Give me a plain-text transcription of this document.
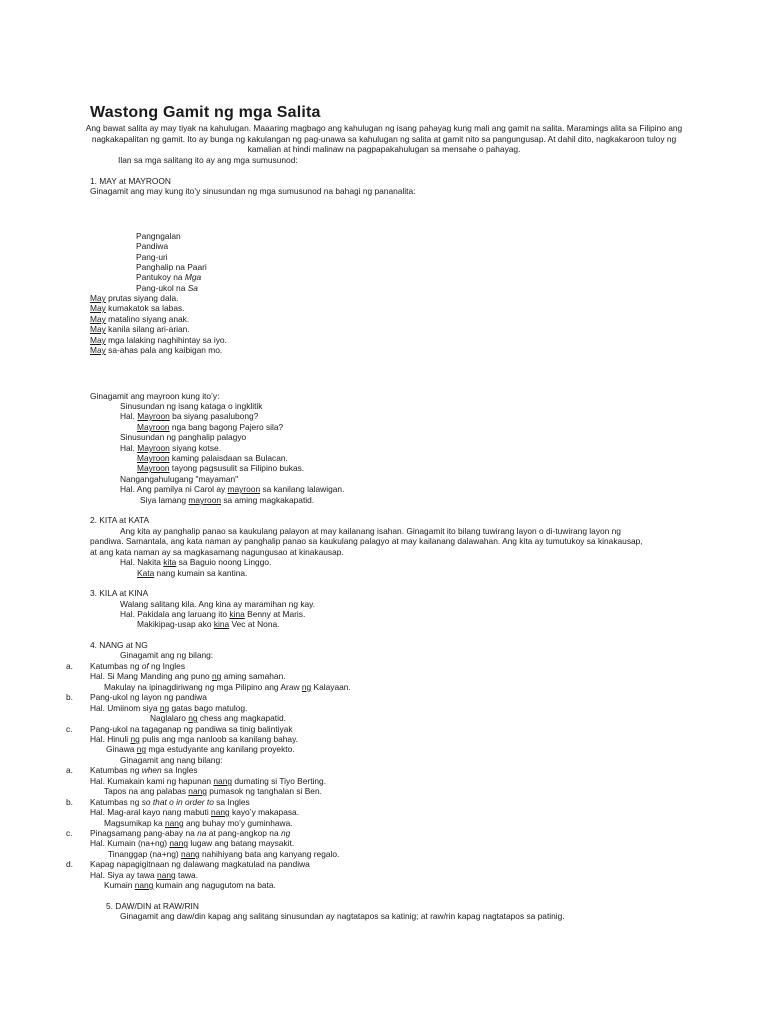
Wastong Gamit ng mga Salita
Ang bawat salita ay may tiyak na kahulugan. Maaaring magbago ang kahulugan ng isang pahayag kung mali ang gamit na salita. Maramings alita sa Filipino ang nagkakapalitan ng gamit. Ito ay bunga ng kakulangan ng pag-unawa sa kahulugan ng salita at gamit nito sa pangungusap. At dahil dito, nagkakaroon tuloy ng kamalian at hindi malinaw na pagpapakahulugan sa mensahe o pahayag.
Ilan sa mga salitang ito ay ang mga sumusunod:
1. MAY at MAYROON
Ginagamit ang may kung ito’y sinusundan ng mga sumusunod na bahagi ng pananalita:
Pangngalan
Pandiwa
Pang-uri
Panghalip na Paari
Pantukoy na Mga
Pang-ukol na Sa
May prutas siyang dala.
May kumakatok sa labas.
May matalino siyang anak.
May kanila silang ari-arian.
May mga lalaking naghihintay sa iyo.
May sa-ahas pala ang kaibigan mo.
Ginagamit ang mayroon kung ito’y:
Sinusundan ng isang kataga o ingklitik
Hal. Mayroon ba siyang pasalubong?
Mayroon nga bang bagong Pajero sila?
Sinusundan ng panghalip palagyo
Hal. Mayroon siyang kotse.
Mayroon kaming palaisdaan sa Bulacan.
Mayroon tayong pagsusulit sa Filipino bukas.
Nangangahulugang "mayaman"
Hal. Ang pamilya ni Carol ay mayroon sa kanilang lalawigan.
Siya lamang mayroon sa aming magkakapatid.
2. KITA at KATA
Ang kita ay panghalip panao sa kaukulang palayon at may kailanang isahan. Ginagamit ito bilang tuwirang layon o di-tuwirang layon ng
pandiwa. Samantala, ang kata naman ay panghalip panao sa kaukulang palagyo at may kailanang dalawahan. Ang kita ay tumutukoy sa kinakausap,
at ang kata naman ay sa magkasamang nagungusao at kinakausap.
Hal. Nakita kita sa Baguio noong Linggo.
Kata nang kumain sa kantina.
3. KILA at KINA
Walang salitang kila. Ang kina ay maramihan ng kay.
Hal. Pakidala ang laruang ito kina Benny at Maris.
Makikipag-usap ako kina Vec at Nona.
4. NANG at NG
Ginagamit ang ng bilang:
a. Katumbas ng of ng Ingles
Hal. Si Mang Manding ang puno ng aming samahan.
Makulay na ipinagdiriwang ng mga Pilipino ang Araw ng Kalayaan.
b. Pang-ukol ng layon ng pandiwa
Hal. Umiinom siya ng gatas bago matulog.
Naglalaro ng chess ang magkapatid.
c. Pang-ukol na tagaganap ng pandiwa sa tinig balintiyak
Hal. Hinuli ng pulis ang mga nanloob sa kanilang bahay.
Ginawa ng mga estudyante ang kanilang proyekto.
Ginagamit ang nang bilang:
a. Katumbas ng when sa Ingles
Hal. Kumakain kami ng hapunan nang dumating si Tiyo Berting.
Tapos na ang palabas nang pumasok ng tanghalan si Ben.
b. Katumbas ng so that o in order to sa Ingles
Hal. Mag-aral kayo nang mabuti nang kayo’y makapasa.
Magsumikap ka nang ang buhay mo’y guminhawa.
c. Pinagsamang pang-abay na na at pang-angkop na ng
Hal. Kumain (na+ng) nang lugaw ang batang maysakit.
Tinanggap (na+ng) nang nahihiyang bata ang kanyang regalo.
d. Kapag napagigitnaan ng dalawang magkatulad na pandiwa
Hal. Siya ay tawa nang tawa.
Kumain nang kumain ang nagugutom na bata.
5. DAW/DIN at RAW/RIN
Ginagamit ang daw/din kapag ang salitang sinusundan ay nagtatapos sa katinig; at raw/rin kapag nagtatapos sa patinig.
